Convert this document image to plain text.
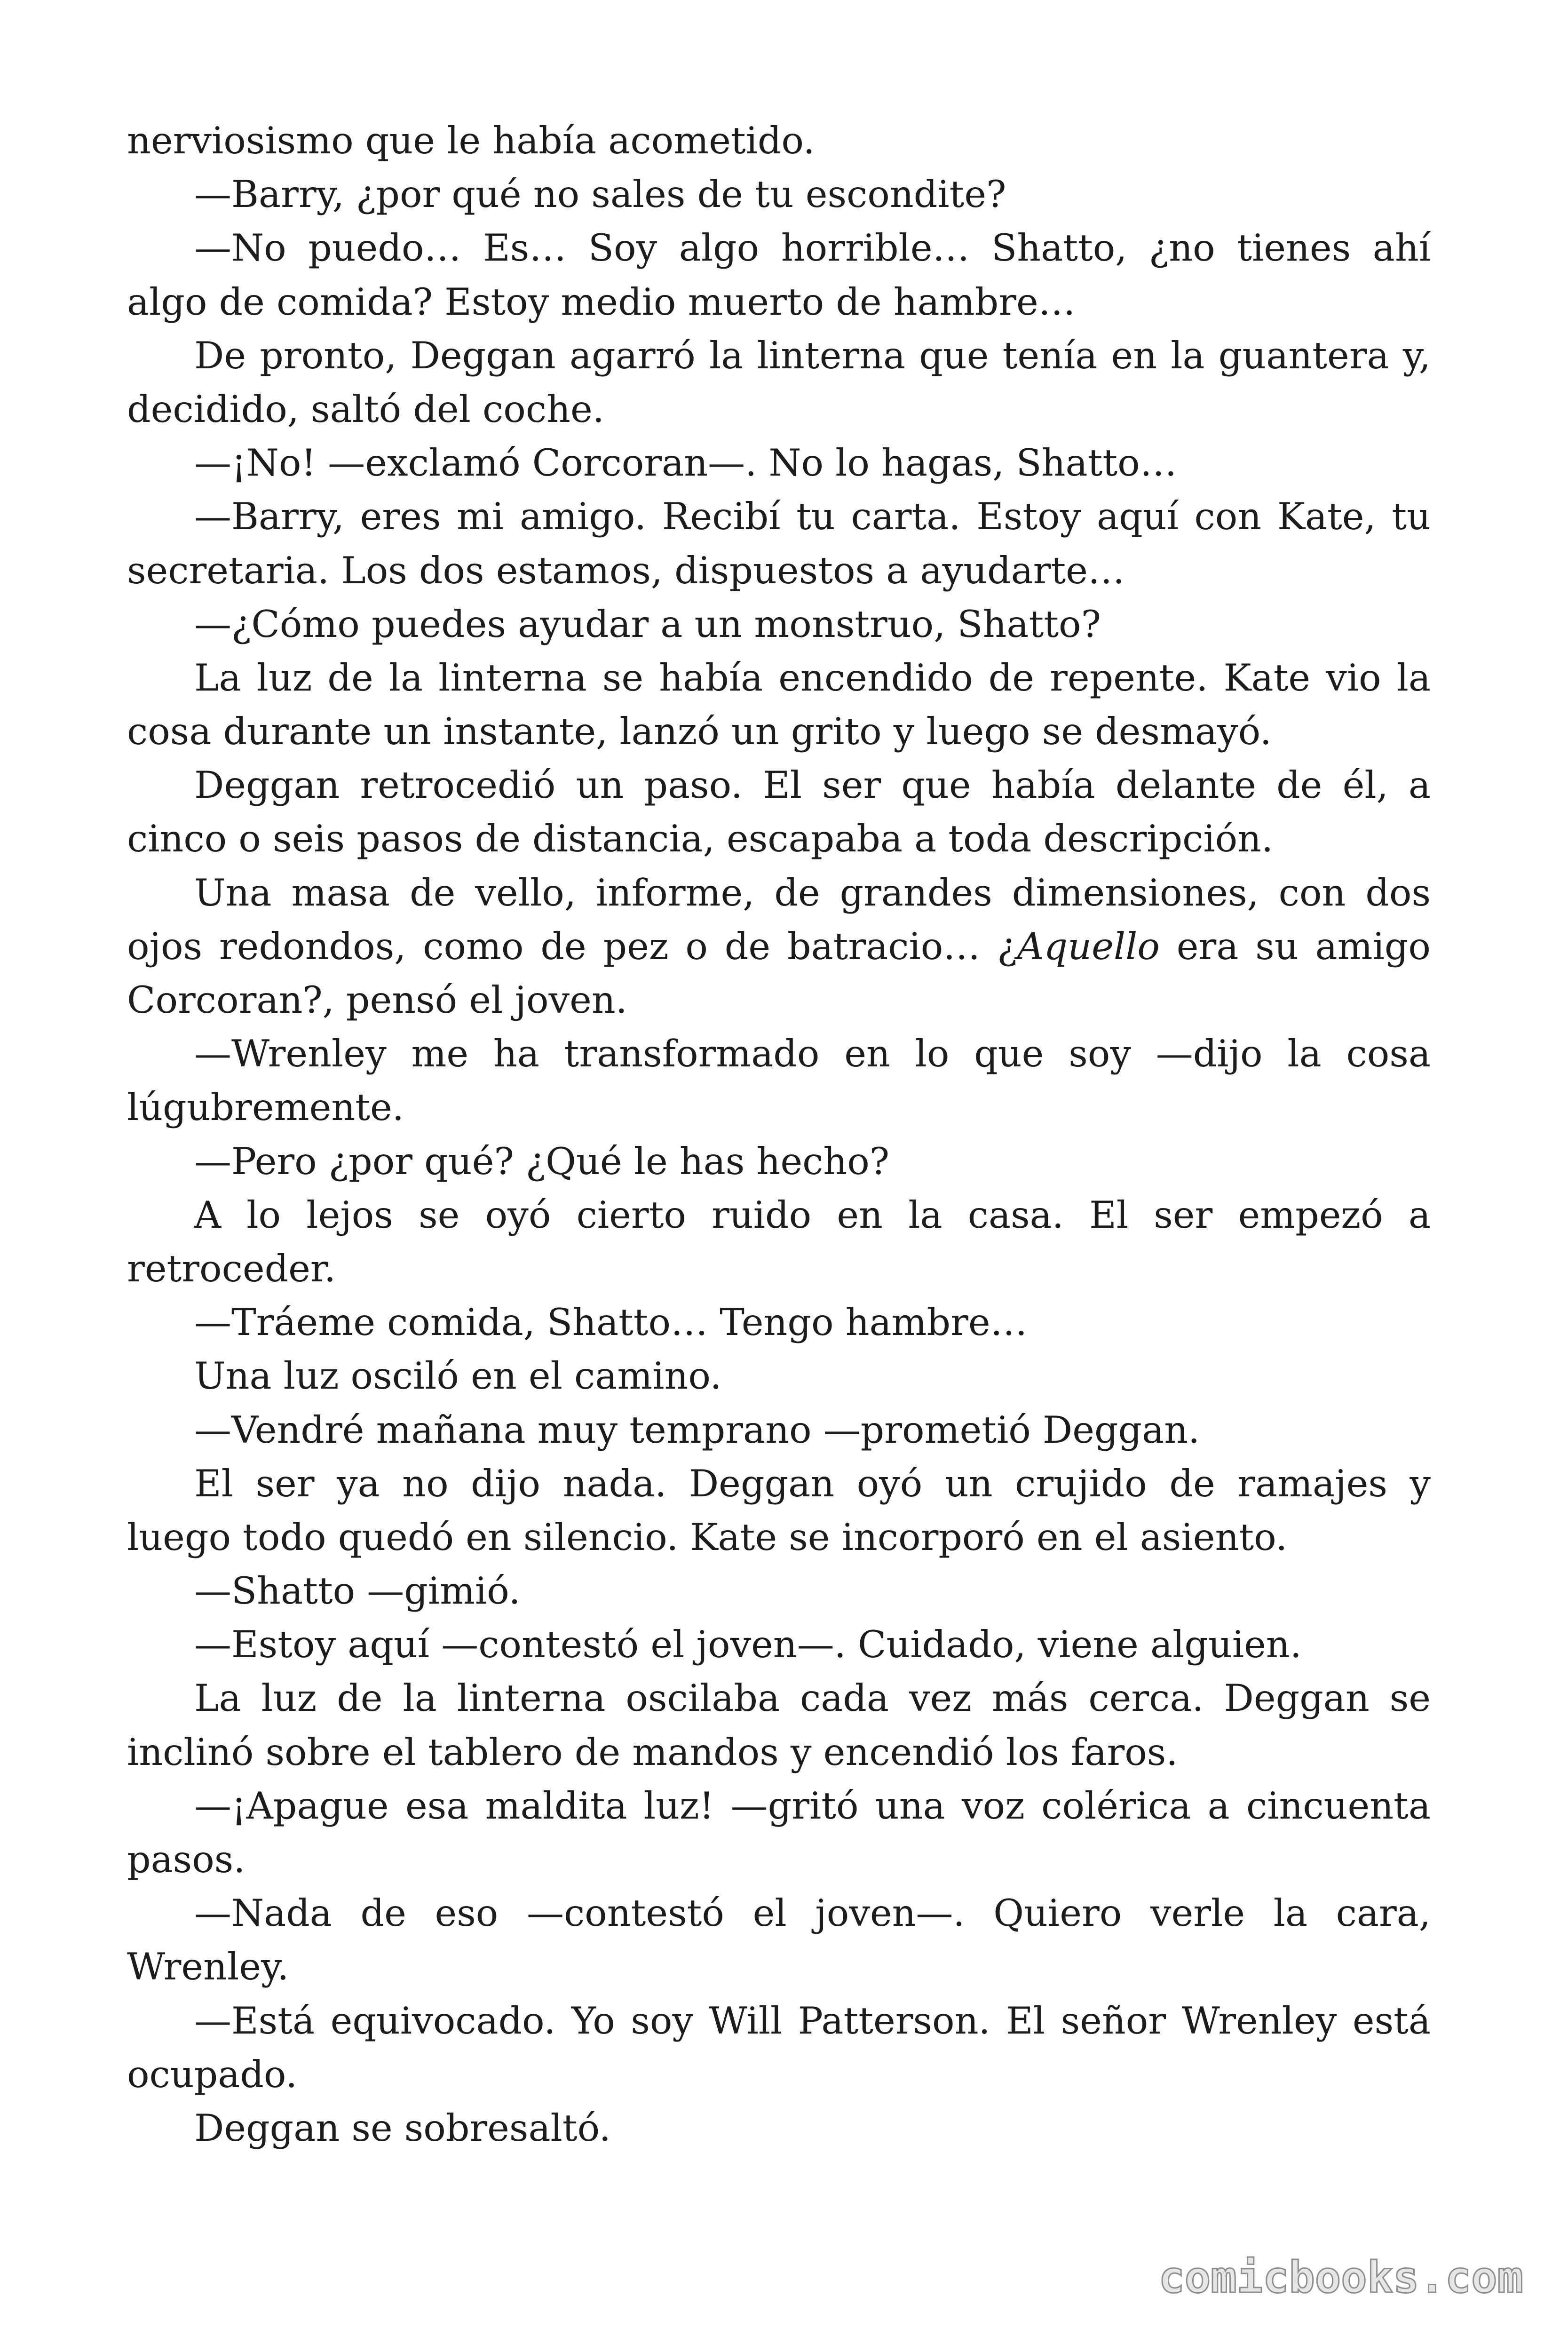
nerviosismo que le había acometido.
—Barry, ¿por qué no sales de tu escondite?
—No puedo… Es… Soy algo horrible… Shatto, ¿no tienes ahí
algo de comida? Estoy medio muerto de hambre…
De pronto, Deggan agarró la linterna que tenía en la guantera y,
decidido, saltó del coche.
—¡No! —exclamó Corcoran—. No lo hagas, Shatto…
—Barry, eres mi amigo. Recibí tu carta. Estoy aquí con Kate, tu
secretaria. Los dos estamos, dispuestos a ayudarte…
—¿Cómo puedes ayudar a un monstruo, Shatto?
La luz de la linterna se había encendido de repente. Kate vio la
cosa durante un instante, lanzó un grito y luego se desmayó.
Deggan retrocedió un paso. El ser que había delante de él, a
cinco o seis pasos de distancia, escapaba a toda descripción.
Una masa de vello, informe, de grandes dimensiones, con dos
ojos redondos, como de pez o de batracio… ¿Aquello era su amigo
Corcoran?, pensó el joven.
—Wrenley me ha transformado en lo que soy —dijo la cosa
lúgubremente.
—Pero ¿por qué? ¿Qué le has hecho?
A lo lejos se oyó cierto ruido en la casa. El ser empezó a
retroceder.
—Tráeme comida, Shatto… Tengo hambre…
Una luz osciló en el camino.
—Vendré mañana muy temprano —prometió Deggan.
El ser ya no dijo nada. Deggan oyó un crujido de ramajes y
luego todo quedó en silencio. Kate se incorporó en el asiento.
—Shatto —gimió.
—Estoy aquí —contestó el joven—. Cuidado, viene alguien.
La luz de la linterna oscilaba cada vez más cerca. Deggan se
inclinó sobre el tablero de mandos y encendió los faros.
—¡Apague esa maldita luz! —gritó una voz colérica a cincuenta
pasos.
—Nada de eso —contestó el joven—. Quiero verle la cara,
Wrenley.
—Está equivocado. Yo soy Will Patterson. El señor Wrenley está
ocupado.
Deggan se sobresaltó.
comicbooks.com
